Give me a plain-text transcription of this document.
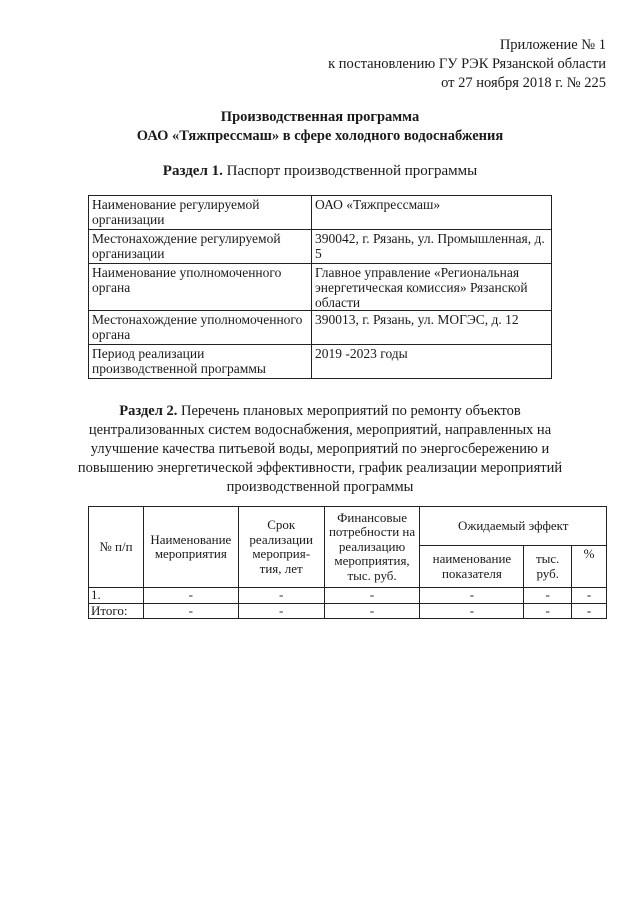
Приложение № 1
к постановлению ГУ РЭК Рязанской области
от 27 ноября 2018 г. № 225
Производственная программа
ОАО «Тяжпрессмаш» в сфере холодного водоснабжения
Раздел 1. Паспорт производственной программы
Наименование регулируемой организации	ОАО «Тяжпрессмаш»
Местонахождение регулируемой организации	390042, г. Рязань, ул. Промышленная, д. 5
Наименование уполномоченного органа	Главное управление «Региональная энергетическая комиссия» Рязанской области
Местонахождение уполномоченного органа	390013, г. Рязань, ул. МОГЭС, д. 12
Период реализации производственной программы	2019 -2023 годы
Раздел 2. Перечень плановых мероприятий по ремонту объектов централизованных систем водоснабжения, мероприятий, направленных на улучшение качества питьевой воды, мероприятий по энергосбережению и повышению энергетической эффективности, график реализации мероприятий производственной программы
№ п/п	Наименование мероприятия	Срок реализации мероприя- тия, лет	Финансовые потребности на реализацию мероприятия, тыс. руб.	Ожидаемый эффект		
				наименование показателя	тыс. руб.	%
1.	-	-	-	-	-	-
Итого:	-	-	-	-	-	-
